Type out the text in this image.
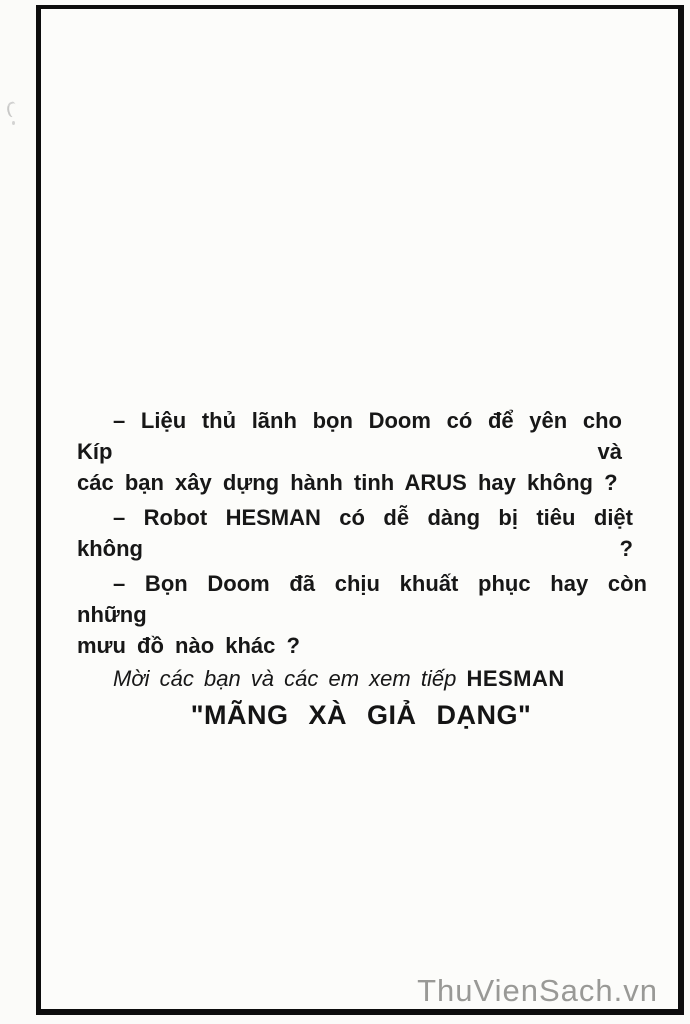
– Liệu thủ lãnh bọn Doom có để yên cho Kíp và

các bạn xây dựng hành tinh ARUS hay không ?

– Robot HESMAN có dễ dàng bị tiêu diệt không ?

– Bọn Doom đã chịu khuất phục hay còn những

mưu đồ nào khác ?

Mời các bạn và các em xem tiếp HESMAN

"MÃNG XÀ GIẢ DẠNG"

ThuVienSach.vn
